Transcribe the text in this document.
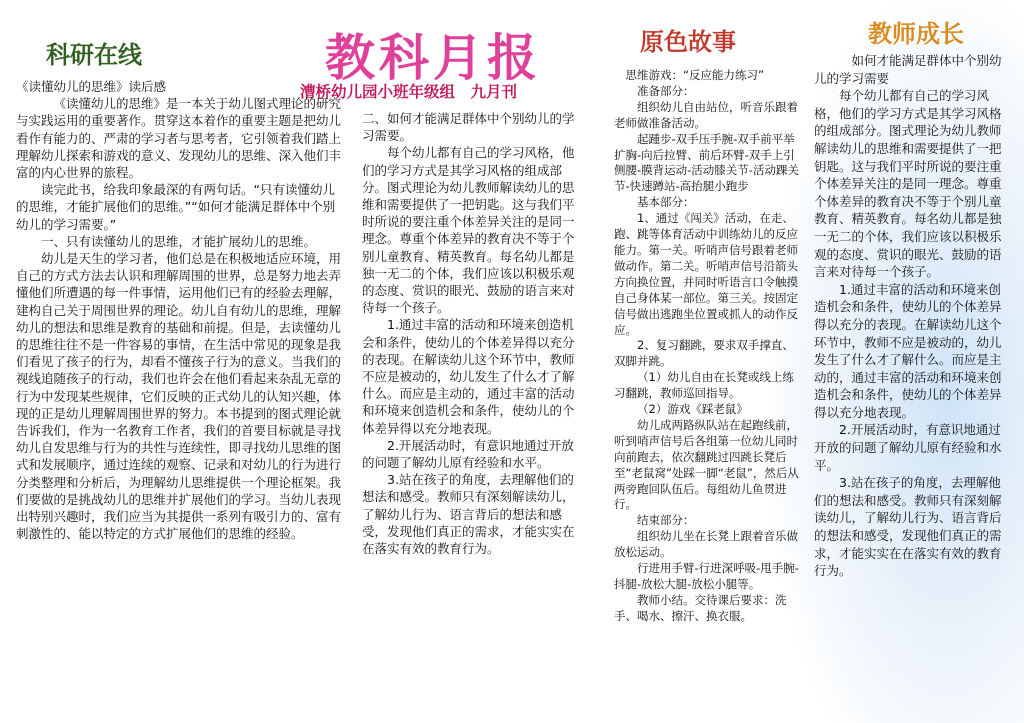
科研在线	教科月报
漕桥幼儿园小班年级组　九月刊
原色故事	教师成长

《读懂幼儿的思维》读后感

《读懂幼儿的思维》是一本关于幼儿图式理论的研究与实践运用的重要著作。贯穿这本着作的重要主题是把幼儿看作有能力的、严肃的学习者与思考者，它引领着我们踏上理解幼儿探索和游戏的意义、发现幼儿的思维、深入他们丰富的内心世界的旅程。

读完此书，给我印象最深的有两句话。“只有读懂幼儿的思维，才能扩展他们的思维。”“如何才能满足群体中个别幼儿的学习需要。”

一、只有读懂幼儿的思维，才能扩展幼儿的思维。

幼儿是天生的学习者，他们总是在积极地适应环境，用自己的方式方法去认识和理解周围的世界，总是努力地去弄懂他们所遭遇的每一件事情，运用他们已有的经验去理解，建构自己关于周围世界的理论。幼儿自有幼儿的思维，理解幼儿的想法和思维是教育的基础和前提。但是，去读懂幼儿的思维往往不是一件容易的事情，在生活中常见的现象是我们看见了孩子的行为，却看不懂孩子行为的意义。当我们的视线追随孩子的行动，我们也许会在他们看起来杂乱无章的行为中发现某些规律，它们反映的正式幼儿的认知兴趣，体现的正是幼儿理解周围世界的努力。本书提到的图式理论就告诉我们，作为一名教育工作者，我们的首要目标就是寻找幼儿自发思维与行为的共性与连续性，即寻找幼儿思维的图式和发展顺序，通过连续的观察、记录和对幼儿的行为进行分类整理和分析后，为理解幼儿思维提供一个理论框架。我们要做的是挑战幼儿的思维并扩展他们的学习。当幼儿表现出特别兴趣时，我们应当为其提供一系列有吸引力的、富有刺激性的、能以特定的方式扩展他们的思维的经验。

二、如何才能满足群体中个别幼儿的学习需要。

每个幼儿都有自己的学习风格，他们的学习方式是其学习风格的组成部分。图式理论为幼儿教师解读幼儿的思维和需要提供了一把钥匙。这与我们平时所说的要注重个体差异关注的是同一理念。尊重个体差异的教育决不等于个别儿童教育、精英教育。每名幼儿都是独一无二的个体，我们应该以积极乐观的态度、赏识的眼光、鼓励的语言来对待每一个孩子。

1.通过丰富的活动和环境来创造机会和条件，使幼儿的个体差异得以充分的表现。在解读幼儿这个环节中，教师不应是被动的，幼儿发生了什么才了解什么。而应是主动的，通过丰富的活动和环境来创造机会和条件，使幼儿的个体差异得以充分地表现。

2.开展活动时，有意识地通过开放的问题了解幼儿原有经验和水平。

3.站在孩子的角度，去理解他们的想法和感受。教师只有深刻解读幼儿，了解幼儿行为、语言背后的想法和感受，发现他们真正的需求，才能实实在在落实有效的教育行为。

思维游戏：“反应能力练习”

准备部分：

组织幼儿自由站位，听音乐跟着老师做准备活动。

起踵步-双手压手腕-双手前平举扩胸-向后拉臂、前后环臂-双手上引侧腰-膜背运动-活动膝关节-活动踝关节-快速蹲站-高抬腿小跑步

基本部分：

1、通过《闯关》活动，在走、跑、跳等体育活动中训练幼儿的反应能力。第一关。听哨声信号跟着老师做动作。第二关。听哨声信号沿箭头方向换位置，并同时听语言口令触摸自己身体某一部位。第三关。按固定信号做出逃跑坐位置或抓人的动作反应。

2、复习翻跳，要求双手撑直、双脚并跳。

（1）幼儿自由在长凳或线上练习翻跳，教师巡回指导。

（2）游戏《踩老鼠》

幼儿成两路纵队站在起跑线前，听到哨声信号后各组第一位幼儿同时向前跑去，依次翻跳过四跳长凳后至“老鼠窝”处踩一脚“老鼠”，然后从两旁跑回队伍后。每组幼儿鱼贯进行。

结束部分：

组织幼儿坐在长凳上跟着音乐做放松运动。

行进用手臂-行进深呼吸-甩手腕-抖腿-放松大腿-放松小腿等。

教师小结。交待课后要求：洗手、喝水、擦汗、换衣服。

如何才能满足群体中个别幼儿的学习需要

每个幼儿都有自己的学习风格，他们的学习方式是其学习风格的组成部分。图式理论为幼儿教师解读幼儿的思维和需要提供了一把钥匙。这与我们平时所说的要注重个体差异关注的是同一理念。尊重个体差异的教育决不等于个别儿童教育、精英教育。每名幼儿都是独一无二的个体，我们应该以积极乐观的态度、赏识的眼光、鼓励的语言来对待每一个孩子。

1.通过丰富的活动和环境来创造机会和条件，使幼儿的个体差异得以充分的表现。在解读幼儿这个环节中，教师不应是被动的，幼儿发生了什么才了解什么。而应是主动的，通过丰富的活动和环境来创造机会和条件，使幼儿的个体差异得以充分地表现。

2.开展活动时，有意识地通过开放的问题了解幼儿原有经验和水平。

3.站在孩子的角度，去理解他们的想法和感受。教师只有深刻解读幼儿，了解幼儿行为、语言背后的想法和感受，发现他们真正的需求，才能实实在在落实有效的教育行为。
